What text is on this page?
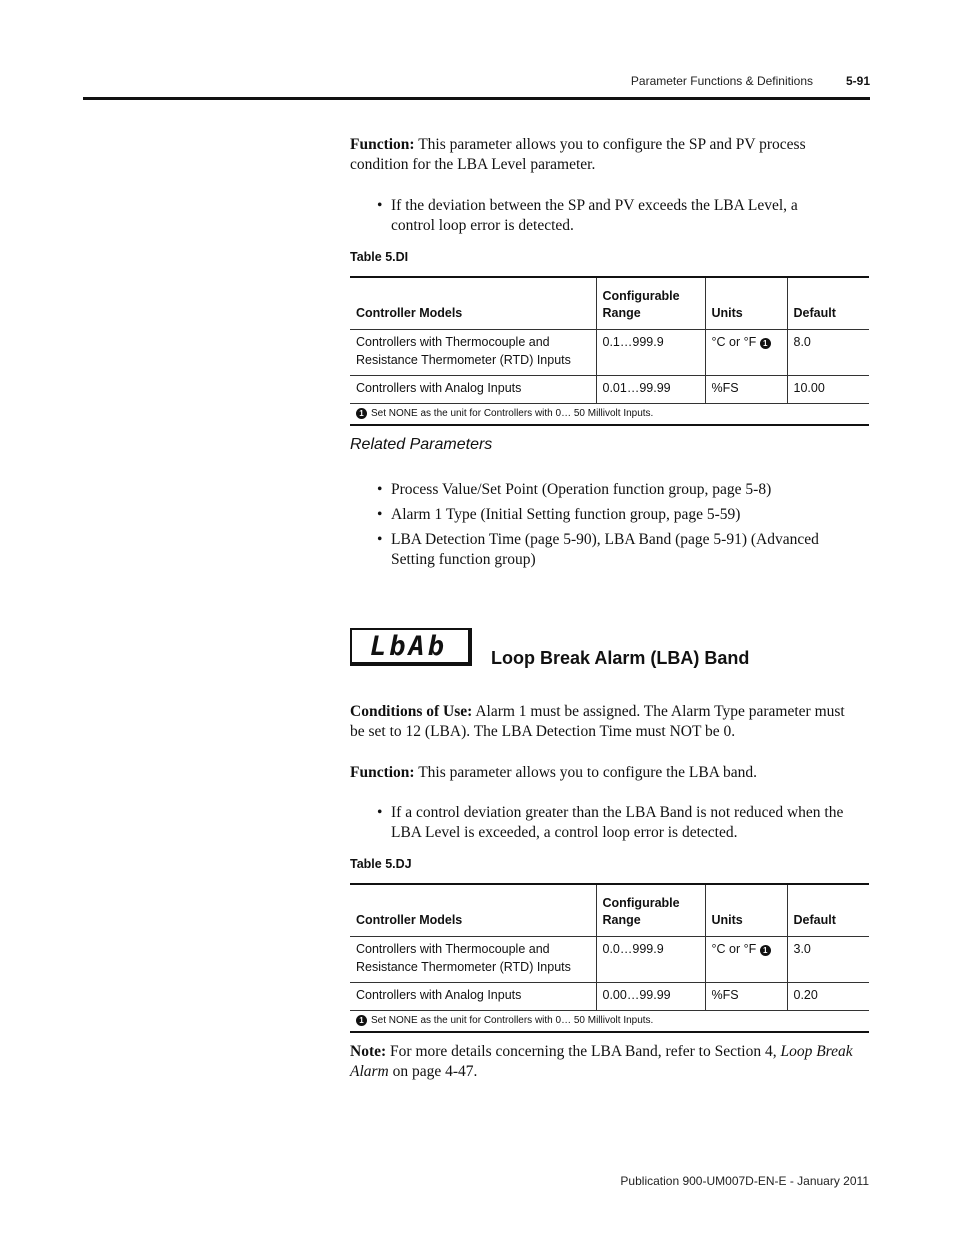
Parameter Functions & Definitions	5-91
Function: This parameter allows you to configure the SP and PV process condition for the LBA Level parameter.
• If the deviation between the SP and PV exceeds the LBA Level, a control loop error is detected.
Table 5.DI
Controller Models	Configurable Range	Units	Default
Controllers with Thermocouple and Resistance Thermometer (RTD) Inputs	0.1…999.9	°C or °F 1	8.0
Controllers with Analog Inputs	0.01…99.99	%FS	10.00
1 Set NONE as the unit for Controllers with 0… 50 Millivolt Inputs.			
Related Parameters
• Process Value/Set Point (Operation function group, page 5-8)
• Alarm 1 Type (Initial Setting function group, page 5-59)
• LBA Detection Time (page 5-90), LBA Band (page 5-91) (Advanced Setting function group)
LbAb Loop Break Alarm (LBA) Band
Conditions of Use: Alarm 1 must be assigned. The Alarm Type parameter must be set to 12 (LBA). The LBA Detection Time must NOT be 0.
Function: This parameter allows you to configure the LBA band.
• If a control deviation greater than the LBA Band is not reduced when the LBA Level is exceeded, a control loop error is detected.
Table 5.DJ
Controller Models	Configurable Range	Units	Default
Controllers with Thermocouple and Resistance Thermometer (RTD) Inputs	0.0…999.9	°C or °F 1	3.0
Controllers with Analog Inputs	0.00…99.99	%FS	0.20
1 Set NONE as the unit for Controllers with 0… 50 Millivolt Inputs.			
Note: For more details concerning the LBA Band, refer to Section 4, Loop Break Alarm on page 4-47.
Publication 900-UM007D-EN-E - January 2011
